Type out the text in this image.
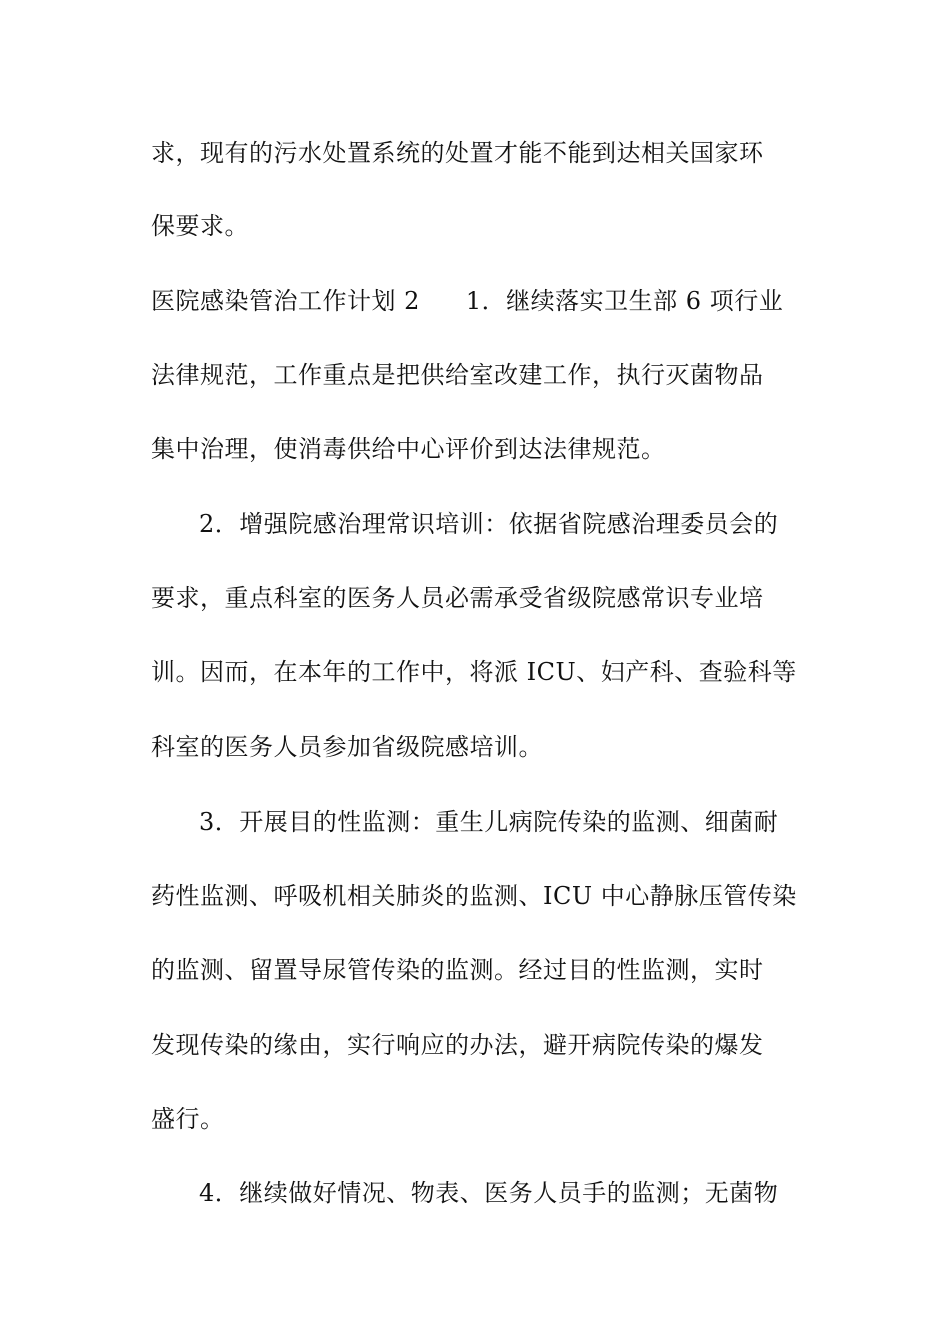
求，现有的污水处置系统的处置才能不能到达相关国家环
保要求。
医院感染管治工作计划 2 1．继续落实卫生部 6 项行业
法律规范，工作重点是把供给室改建工作，执行灭菌物品
集中治理，使消毒供给中心评价到达法律规范。
2．增强院感治理常识培训：依据省院感治理委员会的
要求，重点科室的医务人员必需承受省级院感常识专业培
训。因而，在本年的工作中，将派 ICU、妇产科、查验科等
科室的医务人员参加省级院感培训。
3．开展目的性监测：重生儿病院传染的监测、细菌耐
药性监测、呼吸机相关肺炎的监测、ICU 中心静脉压管传染
的监测、留置导尿管传染的监测。经过目的性监测，实时
发现传染的缘由，实行响应的办法，避开病院传染的爆发
盛行。
4．继续做好情况、物表、医务人员手的监测；无菌物
